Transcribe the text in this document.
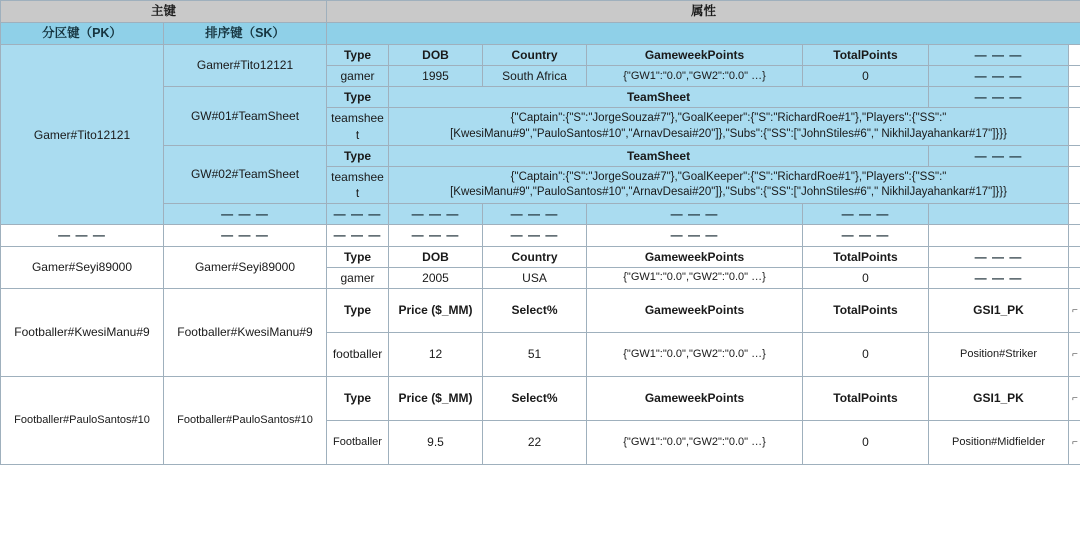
主键		属性						
分区键（PK）	排序键（SK）							
Gamer#Tito12121	Gamer#Tito12121	Type	DOB	Country	GameweekPoints	TotalPoints	— — —	
		gamer	1995	South Africa	{"GW1":"0.0","GW2":"0.0" …}	0	— — —	
	GW#01#TeamSheet	Type	TeamSheet				— — —	
		teamsheet	{"Captain":{"S":"JorgeSouza#7"},"GoalKeeper":{"S":"RichardRoe#1"},"Players":{"SS":" [KwesiManu#9","PauloSantos#10","ArnavDesai#20"]},"Subs":{"SS":["JohnStiles#6"," NikhilJayahankar#17"]}}}					
	GW#02#TeamSheet	Type	TeamSheet				— — —	
		teamsheet	{"Captain":{"S":"JorgeSouza#7"},"GoalKeeper":{"S":"RichardRoe#1"},"Players":{"SS":" [KwesiManu#9","PauloSantos#10","ArnavDesai#20"]},"Subs":{"SS":["JohnStiles#6"," NikhilJayahankar#17"]}}}					
	— — —	— — —	— — —	— — —	— — —	— — —		
— — —	— — —	— — —	— — —	— — —	— — —	— — —		
Gamer#Seyi89000	Gamer#Seyi89000	Type	DOB	Country	GameweekPoints	TotalPoints	— — —	
		gamer	2005	USA	{"GW1":"0.0","GW2":"0.0" …}	0	— — —	
Footballer#KwesiManu#9	Footballer#KwesiManu#9	Type	Price ($_MM)	Select%	GameweekPoints	TotalPoints	GSI1_PK	⌐
		footballer	12	51	{"GW1":"0.0","GW2":"0.0" …}	0	Position#Striker	⌐
Footballer#PauloSantos#10	Footballer#PauloSantos#10	Type	Price ($_MM)	Select%	GameweekPoints	TotalPoints	GSI1_PK	⌐
		Footballer	9.5	22	{"GW1":"0.0","GW2":"0.0" …}	0	Position#Midfielder	⌐
